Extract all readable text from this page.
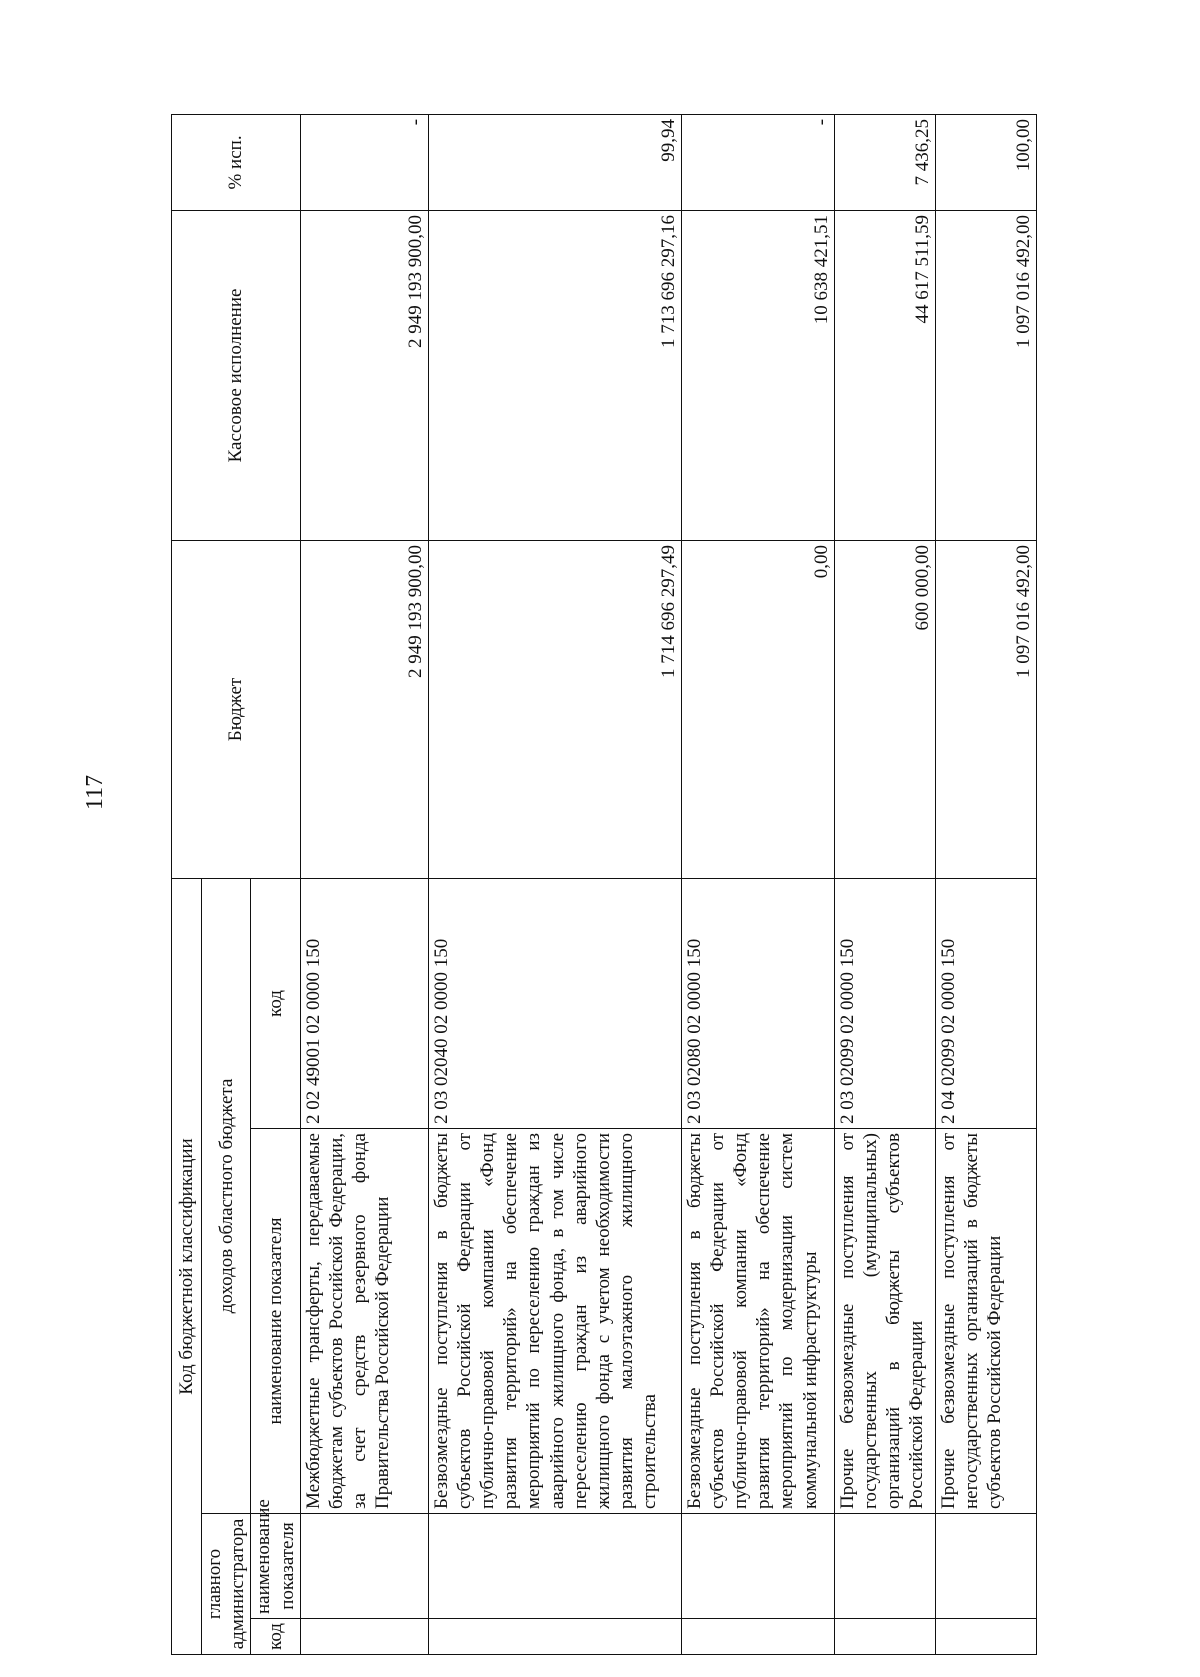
117
Код бюджетной классификации				Бюджет	Кассовое исполнение	% исп.
главного администратора		доходов областного бюджета				
код	наименование показателя	наименование показателя	код			
		Межбюджетные трансферты, передаваемые бюджетам субъектов Российской Федерации, за счет средств резервного фонда Правительства Российской Федерации	2 02 49001 02 0000 150	2 949 193 900,00	2 949 193 900,00	-
		Безвозмездные поступления в бюджеты субъектов Российской Федерации от публично-правовой компании «Фонд развития территорий» на обеспечение мероприятий по переселению граждан из аварийного жилищного фонда, в том числе переселению граждан из аварийного жилищного фонда с учетом необходимости развития малоэтажного жилищного строительства	2 03 02040 02 0000 150	1 714 696 297,49	1 713 696 297,16	99,94
		Безвозмездные поступления в бюджеты субъектов Российской Федерации от публично-правовой компании «Фонд развития территорий» на обеспечение мероприятий по модернизации систем коммунальной инфраструктуры	2 03 02080 02 0000 150	0,00	10 638 421,51	-
		Прочие безвозмездные поступления от государственных (муниципальных) организаций в бюджеты субъектов Российской Федерации	2 03 02099 02 0000 150	600 000,00	44 617 511,59	7 436,25
		Прочие безвозмездные поступления от негосударственных организаций в бюджеты субъектов Российской Федерации	2 04 02099 02 0000 150	1 097 016 492,00	1 097 016 492,00	100,00
